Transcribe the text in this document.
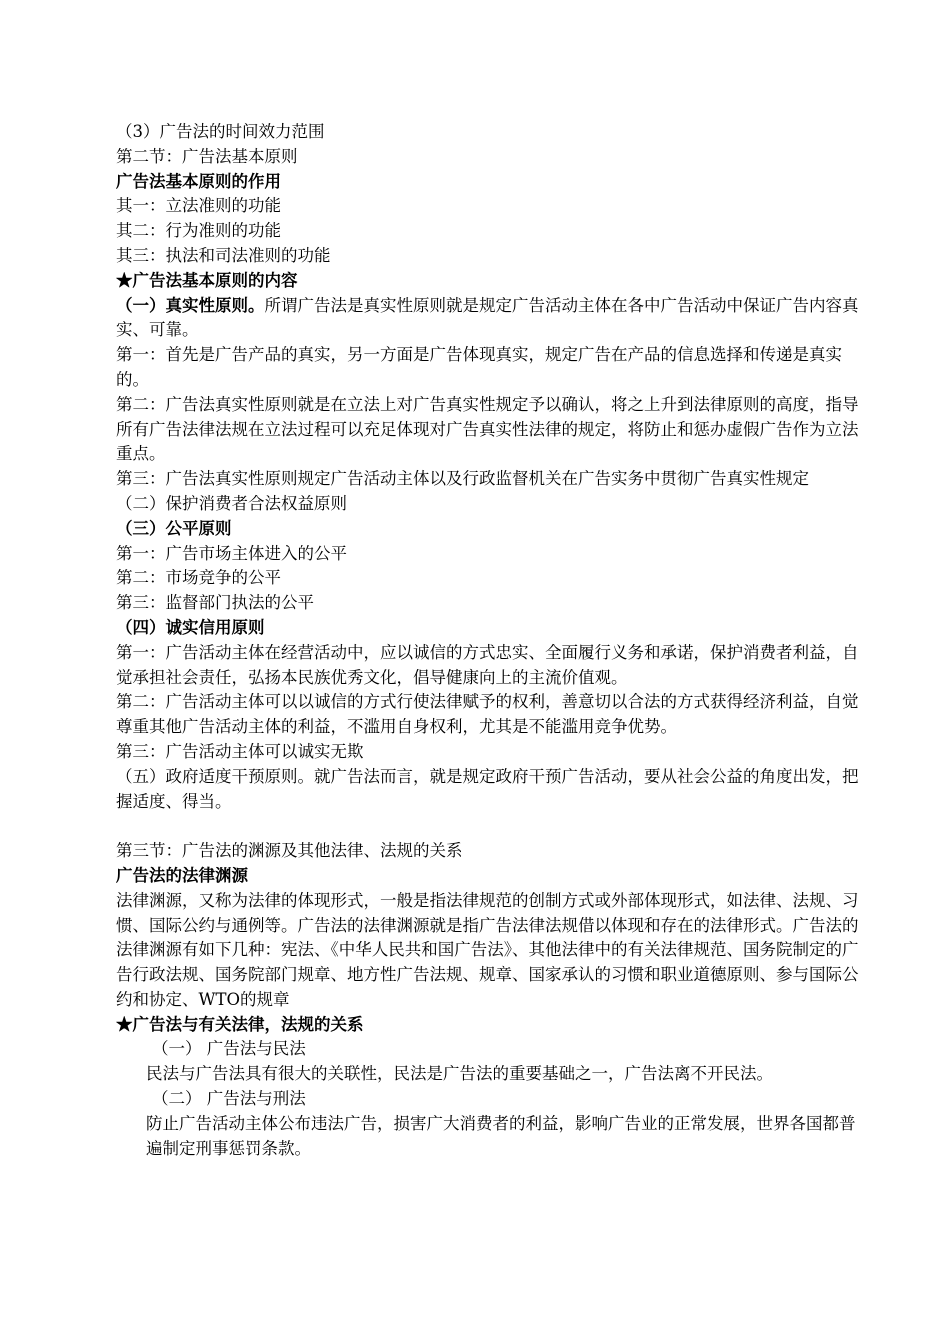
（3）广告法的时间效力范围

第二节：广告法基本原则

广告法基本原则的作用

其一：立法准则的功能

其二：行为准则的功能

其三：执法和司法准则的功能

★广告法基本原则的内容

（一）真实性原则。所谓广告法是真实性原则就是规定广告活动主体在各中广告活动中保证广告内容真实、可靠。

第一：首先是广告产品的真实，另一方面是广告体现真实，规定广告在产品的信息选择和传递是真实的。

第二：广告法真实性原则就是在立法上对广告真实性规定予以确认，将之上升到法律原则的高度，指导所有广告法律法规在立法过程可以充足体现对广告真实性法律的规定，将防止和惩办虚假广告作为立法重点。

第三：广告法真实性原则规定广告活动主体以及行政监督机关在广告实务中贯彻广告真实性规定

（二）保护消费者合法权益原则

（三）公平原则

第一：广告市场主体进入的公平

第二：市场竞争的公平

第三：监督部门执法的公平

（四）诚实信用原则

第一：广告活动主体在经营活动中，应以诚信的方式忠实、全面履行义务和承诺，保护消费者利益，自觉承担社会责任，弘扬本民族优秀文化，倡导健康向上的主流价值观。

第二：广告活动主体可以以诚信的方式行使法律赋予的权利，善意切以合法的方式获得经济利益，自觉尊重其他广告活动主体的利益，不滥用自身权利，尤其是不能滥用竞争优势。

第三：广告活动主体可以诚实无欺

（五）政府适度干预原则。就广告法而言，就是规定政府干预广告活动，要从社会公益的角度出发，把握适度、得当。

第三节：广告法的渊源及其他法律、法规的关系

广告法的法律渊源

法律渊源，又称为法律的体现形式，一般是指法律规范的创制方式或外部体现形式，如法律、法规、习惯、国际公约与通例等。广告法的法律渊源就是指广告法律法规借以体现和存在的法律形式。广告法的法律渊源有如下几种：宪法、《中华人民共和国广告法》、其他法律中的有关法律规范、国务院制定的广告行政法规、国务院部门规章、地方性广告法规、规章、国家承认的习惯和职业道德原则、参与国际公约和协定、WTO的规章

★广告法与有关法律，法规的关系

（一） 广告法与民法

民法与广告法具有很大的关联性，民法是广告法的重要基础之一，广告法离不开民法。

（二） 广告法与刑法

防止广告活动主体公布违法广告，损害广大消费者的利益，影响广告业的正常发展，世界各国都普遍制定刑事惩罚条款。
